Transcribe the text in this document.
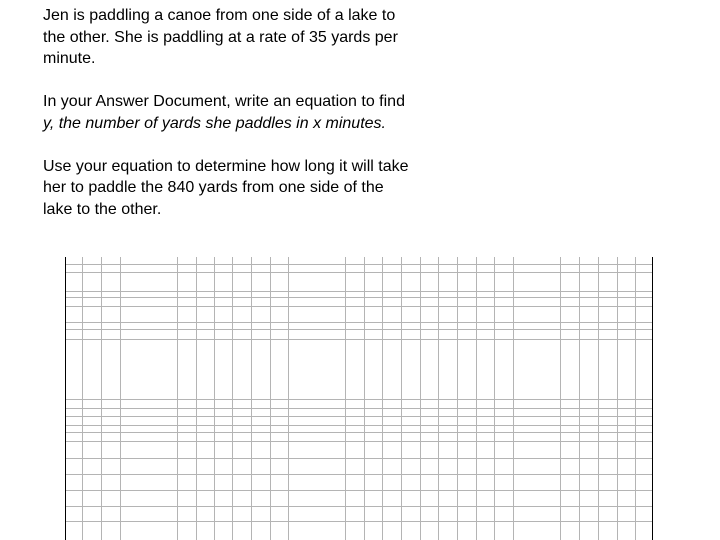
Jen is paddling a canoe from one side of a lake to the other. She is paddling at a rate of 35 yards per minute.

In your Answer Document, write an equation to find y, the number of yards she paddles in x minutes.

Use your equation to determine how long it will take her to paddle the 840 yards from one side of the lake to the other.
